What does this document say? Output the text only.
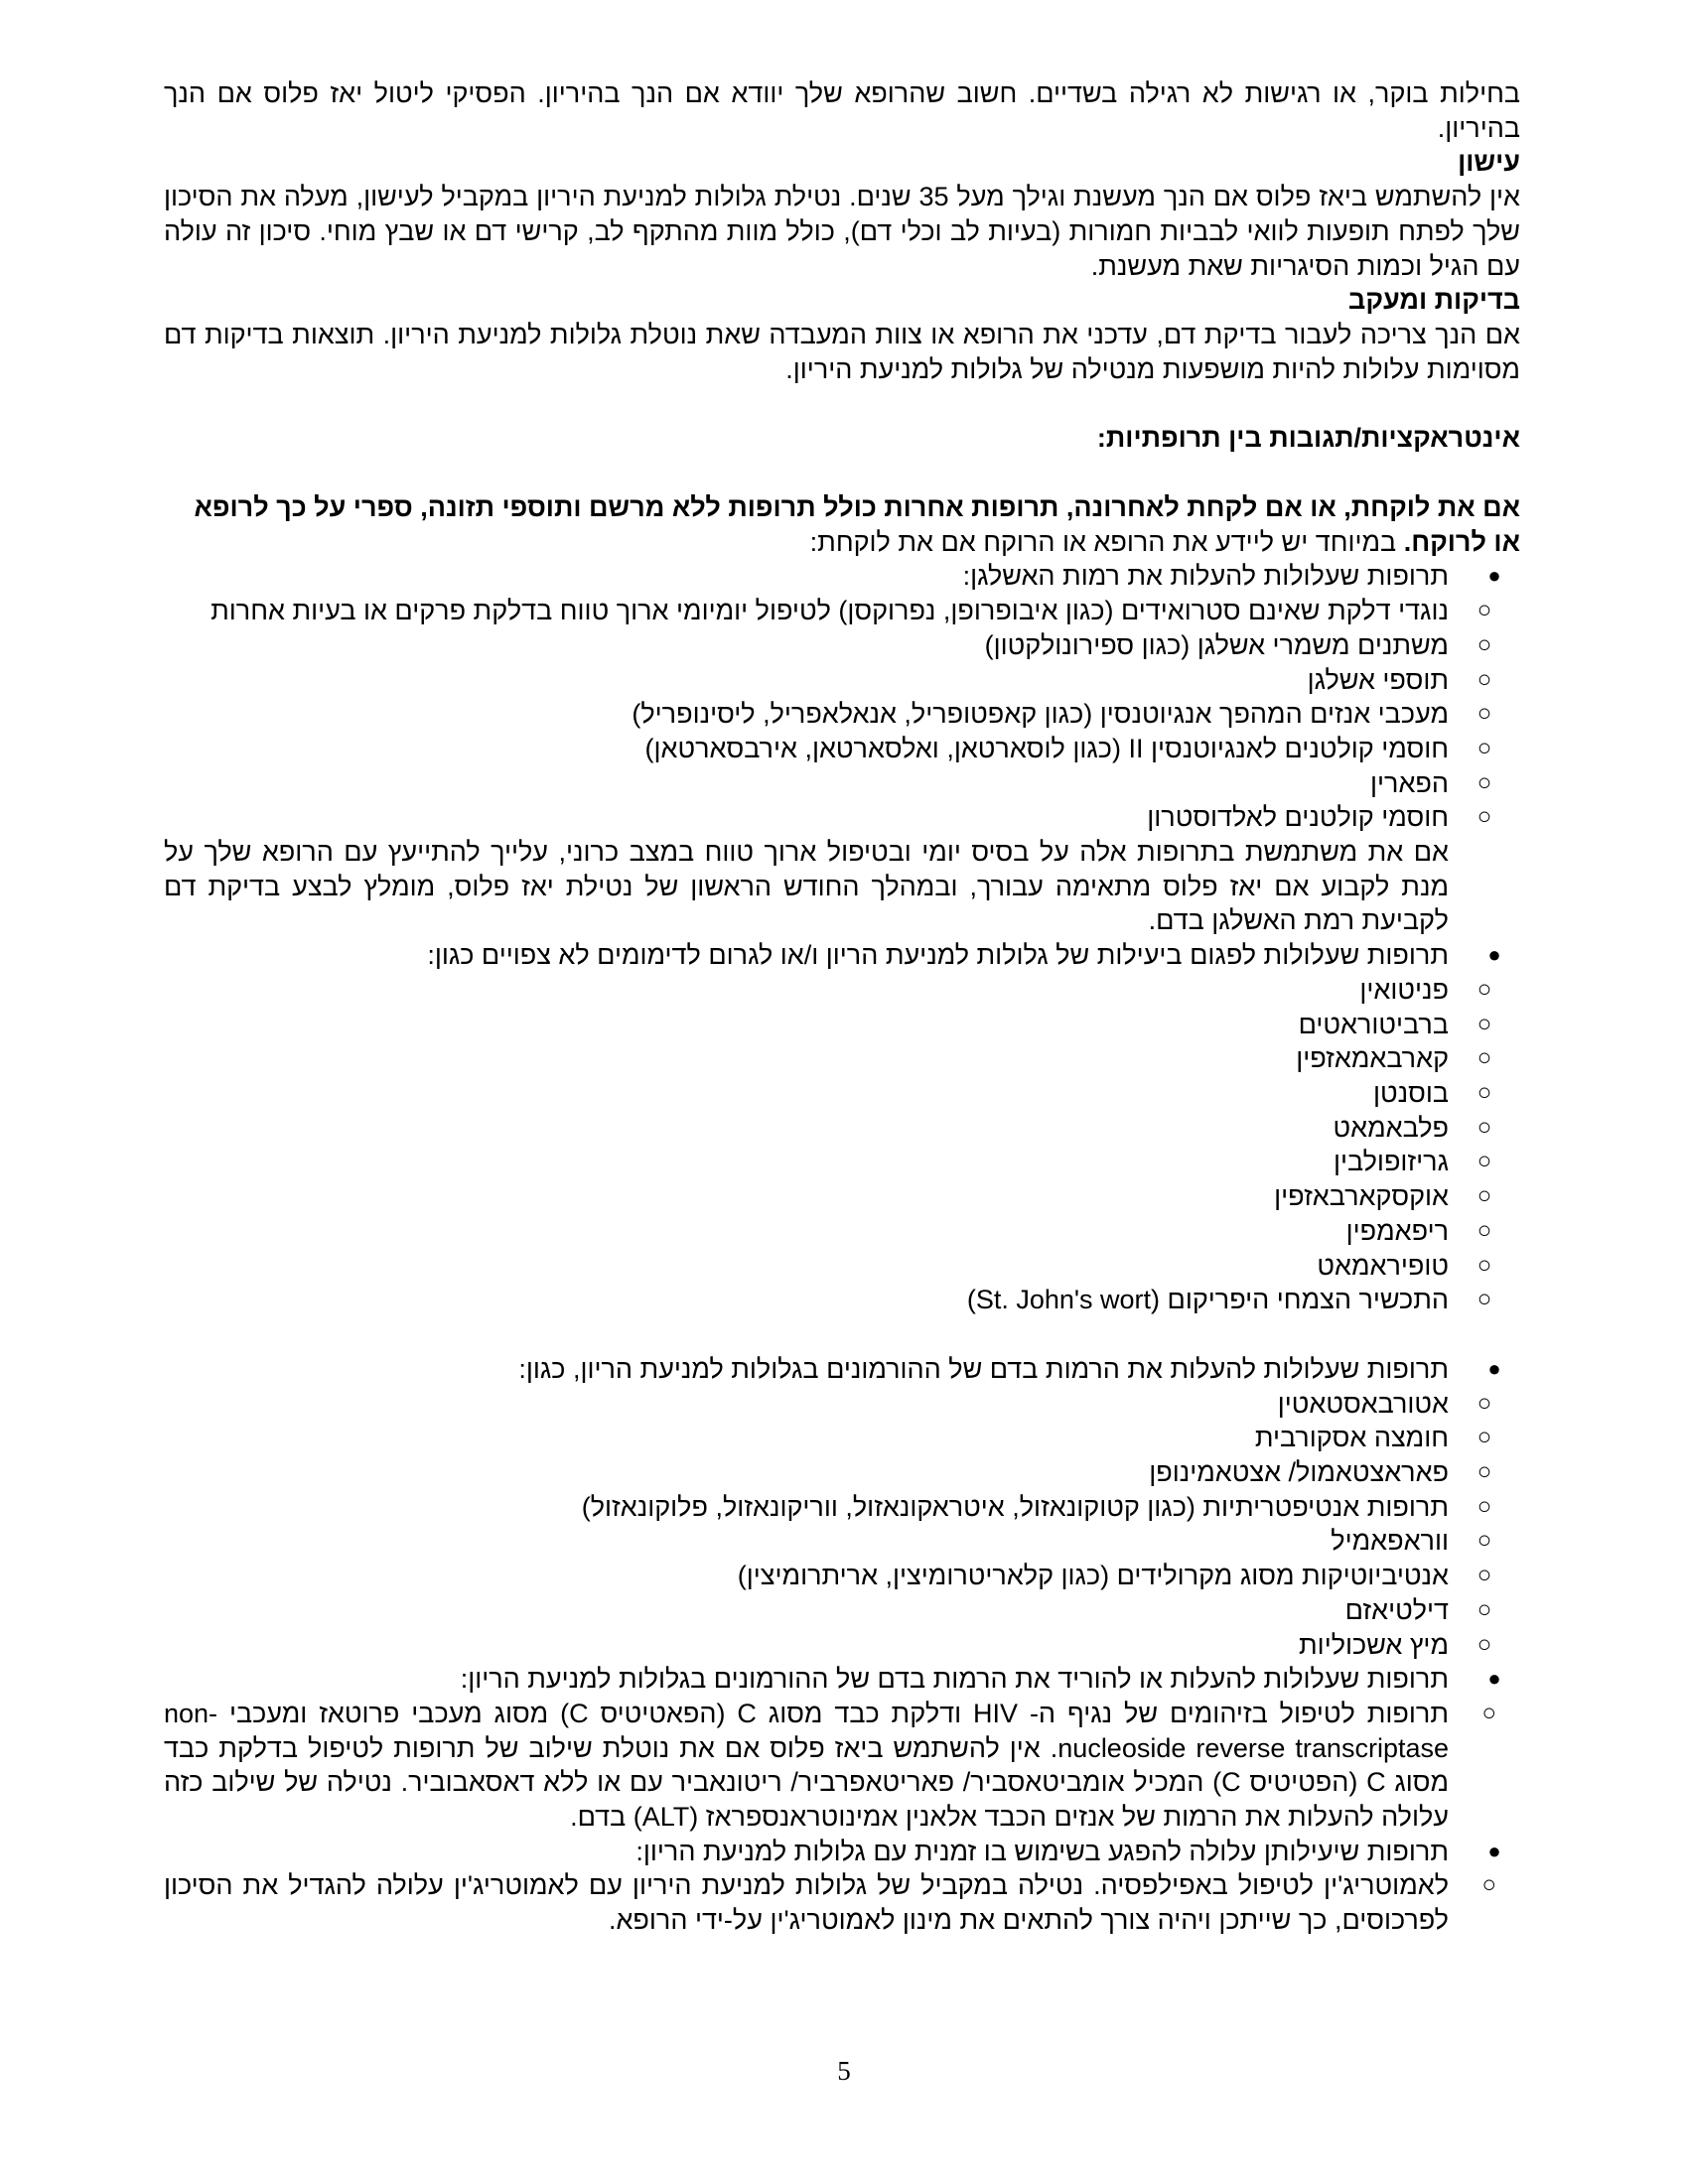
בחילות בוקר, או רגישות לא רגילה בשדיים. חשוב שהרופא שלך יוודא אם הנך בהיריון. הפסיקי ליטול יאז פלוס אם הנך בהיריון.

עישון

אין להשתמש ביאז פלוס אם הנך מעשנת וגילך מעל 35 שנים. נטילת גלולות למניעת היריון במקביל לעישון, מעלה את הסיכון שלך לפתח תופעות לוואי לבביות חמורות (בעיות לב וכלי דם), כולל מוות מהתקף לב, קרישי דם או שבץ מוחי. סיכון זה עולה עם הגיל וכמות הסיגריות שאת מעשנת.

בדיקות ומעקב

אם הנך צריכה לעבור בדיקת דם, עדכני את הרופא או צוות המעבדה שאת נוטלת גלולות למניעת היריון. תוצאות בדיקות דם מסוימות עלולות להיות מושפעות מנטילה של גלולות למניעת היריון.

אינטראקציות/תגובות בין תרופתיות:

אם את לוקחת, או אם לקחת לאחרונה, תרופות אחרות כולל תרופות ללא מרשם ותוספי תזונה, ספרי על כך לרופא או לרוקח. במיוחד יש ליידע את הרופא או הרוקח אם את לוקחת:

●
תרופות שעלולות להעלות את רמות האשלגן:
○
נוגדי דלקת שאינם סטרואידים (כגון איבופרופן, נפרוקסן) לטיפול יומיומי ארוך טווח בדלקת פרקים או בעיות אחרות
○
משתנים משמרי אשלגן (כגון ספירונולקטון)
○
תוספי אשלגן
○
מעכבי אנזים המהפך אנגיוטנסין (כגון קאפטופריל, אנאלאפריל, ליסינופריל)
○
חוסמי קולטנים לאנגיוטנסין II (כגון לוסארטאן, ואלסארטאן, אירבסארטאן)
○
הפארין
○
חוסמי קולטנים לאלדוסטרון

אם את משתמשת בתרופות אלה על בסיס יומי ובטיפול ארוך טווח במצב כרוני, עלייך להתייעץ עם הרופא שלך על מנת לקבוע אם יאז פלוס מתאימה עבורך, ובמהלך החודש הראשון של נטילת יאז פלוס, מומלץ לבצע בדיקת דם לקביעת רמת האשלגן בדם.

●
תרופות שעלולות לפגום ביעילות של גלולות למניעת הריון ו/או לגרום לדימומים לא צפויים כגון:
○
פניטואין
○
ברביטוראטים
○
קארבאמאזפין
○
בוסנטן
○
פלבאמאט
○
גריזופולבין
○
אוקסקארבאזפין
○
ריפאמפין
○
טופיראמאט
○
התכשיר הצמחי היפריקום (St. John's wort)
●
תרופות שעלולות להעלות את הרמות בדם של ההורמונים בגלולות למניעת הריון, כגון:
○
אטורבאסטאטין
○
חומצה אסקורבית
○
פאראצטאמול/ אצטאמינופן
○
תרופות אנטיפטריתיות (כגון קטוקונאזול, איטראקונאזול, ווריקונאזול, פלוקונאזול)
○
ווראפאמיל
○
אנטיביוטיקות מסוג מקרולידים (כגון קלאריטרומיצין, אריתרומיצין)
○
דילטיאזם
○
מיץ אשכוליות
●
תרופות שעלולות להעלות או להוריד את הרמות בדם של ההורמונים בגלולות למניעת הריון:
○
תרופות לטיפול בזיהומים של נגיף ה- HIV ודלקת כבד מסוג C (הפאטיטיס C) מסוג מעכבי פרוטאז ומעכבי non-nucleoside reverse transcriptase. אין להשתמש ביאז פלוס אם את נוטלת שילוב של תרופות לטיפול בדלקת כבד מסוג C (הפטיטיס C) המכיל אומביטאסביר/ פאריטאפרביר/ ריטונאביר עם או ללא דאסאבוביר. נטילה של שילוב כזה עלולה להעלות את הרמות של אנזים הכבד אלאנין אמינוטראנספראז (ALT) בדם.
●
תרופות שיעילותן עלולה להפגע בשימוש בו זמנית עם גלולות למניעת הריון:
○
לאמוטריג'ין לטיפול באפילפסיה. נטילה במקביל של גלולות למניעת היריון עם לאמוטריג'ין עלולה להגדיל את הסיכון לפרכוסים, כך שייתכן ויהיה צורך להתאים את מינון לאמוטריג'ין על-ידי הרופא.
5
